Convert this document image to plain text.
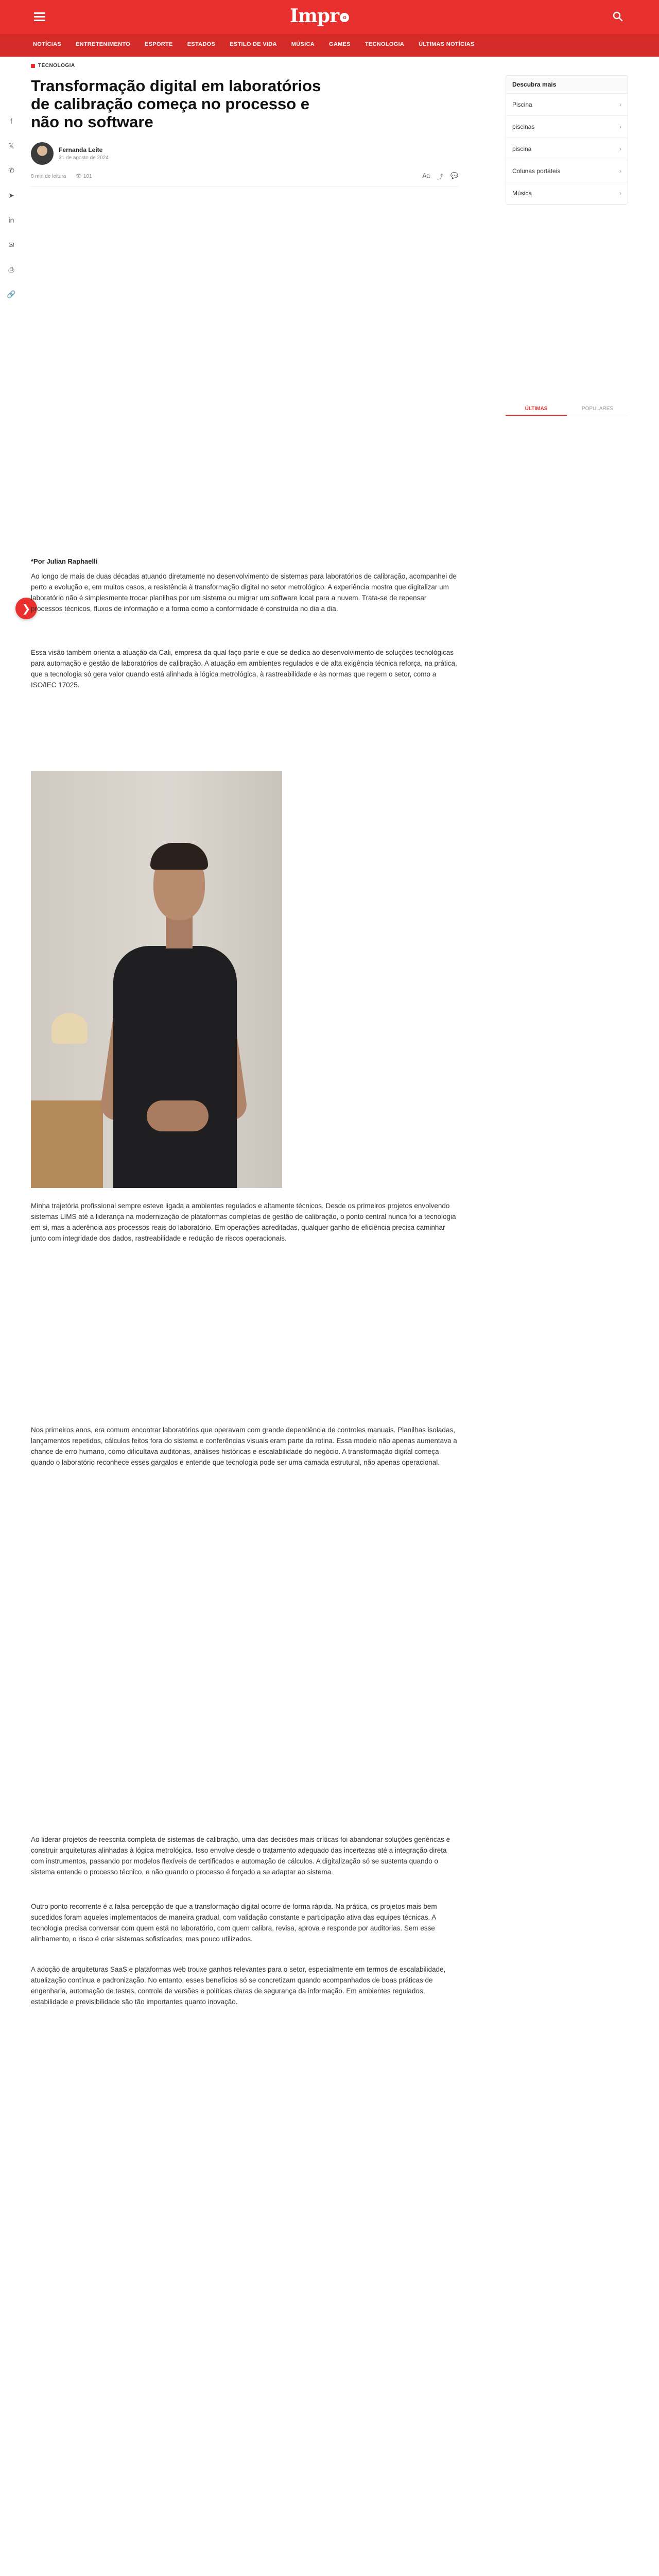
Impr o
NOTÍCIAS	ENTRETENIMENTO	ESPORTE	ESTADOS	ESTILO DE VIDA	MÚSICA	GAMES	TECNOLOGIA	ÚLTIMAS NOTÍCIAS
f
𝕏
✆
➤
in
✉
⎙
🔗
❯
TECNOLOGIA
Transformação digital em laboratórios de calibração começa no processo e não no software
Fernanda Leite
31 de agosto de 2024
8 min de leitura 👁 101	Aa ⤴ 💬
*Por Julian Raphaelli

Ao longo de mais de duas décadas atuando diretamente no desenvolvimento de sistemas para laboratórios de calibração, acompanhei de perto a evolução e, em muitos casos, a resistência à transformação digital no setor metrológico. A experiência mostra que digitalizar um laboratório não é simplesmente trocar planilhas por um sistema ou migrar um software local para a nuvem. Trata-se de repensar processos técnicos, fluxos de informação e a forma como a conformidade é construída no dia a dia.

Essa visão também orienta a atuação da Cali, empresa da qual faço parte e que se dedica ao desenvolvimento de soluções tecnológicas para automação e gestão de laboratórios de calibração. A atuação em ambientes regulados e de alta exigência técnica reforça, na prática, que a tecnologia só gera valor quando está alinhada à lógica metrológica, à rastreabilidade e às normas que regem o setor, como a ISO/IEC 17025.

Minha trajetória profissional sempre esteve ligada a ambientes regulados e altamente técnicos. Desde os primeiros projetos envolvendo sistemas LIMS até a liderança na modernização de plataformas completas de gestão de calibração, o ponto central nunca foi a tecnologia em si, mas a aderência aos processos reais do laboratório. Em operações acreditadas, qualquer ganho de eficiência precisa caminhar junto com integridade dos dados, rastreabilidade e redução de riscos operacionais.

Nos primeiros anos, era comum encontrar laboratórios que operavam com grande dependência de controles manuais. Planilhas isoladas, lançamentos repetidos, cálculos feitos fora do sistema e conferências visuais eram parte da rotina. Essa modelo não apenas aumentava a chance de erro humano, como dificultava auditorias, análises históricas e escalabilidade do negócio. A transformação digital começa quando o laboratório reconhece esses gargalos e entende que tecnologia pode ser uma camada estrutural, não apenas operacional.

Ao liderar projetos de reescrita completa de sistemas de calibração, uma das decisões mais críticas foi abandonar soluções genéricas e construir arquiteturas alinhadas à lógica metrológica. Isso envolve desde o tratamento adequado das incertezas até a integração direta com instrumentos, passando por modelos flexíveis de certificados e automação de cálculos. A digitalização só se sustenta quando o sistema entende o processo técnico, e não quando o processo é forçado a se adaptar ao sistema.

Outro ponto recorrente é a falsa percepção de que a transformação digital ocorre de forma rápida. Na prática, os projetos mais bem sucedidos foram aqueles implementados de maneira gradual, com validação constante e participação ativa das equipes técnicas. A tecnologia precisa conversar com quem está no laboratório, com quem calibra, revisa, aprova e responde por auditorias. Sem esse alinhamento, o risco é criar sistemas sofisticados, mas pouco utilizados.

A adoção de arquiteturas SaaS e plataformas web trouxe ganhos relevantes para o setor, especialmente em termos de escalabilidade, atualização contínua e padronização. No entanto, esses benefícios só se concretizam quando acompanhados de boas práticas de engenharia, automação de testes, controle de versões e políticas claras de segurança da informação. Em ambientes regulados, estabilidade e previsibilidade são tão importantes quanto inovação.

Descubra mais
Piscina	›
piscinas	›
piscina	›
Colunas portáteis	›
Música	›
ÚLTIMAS	POPULARES
